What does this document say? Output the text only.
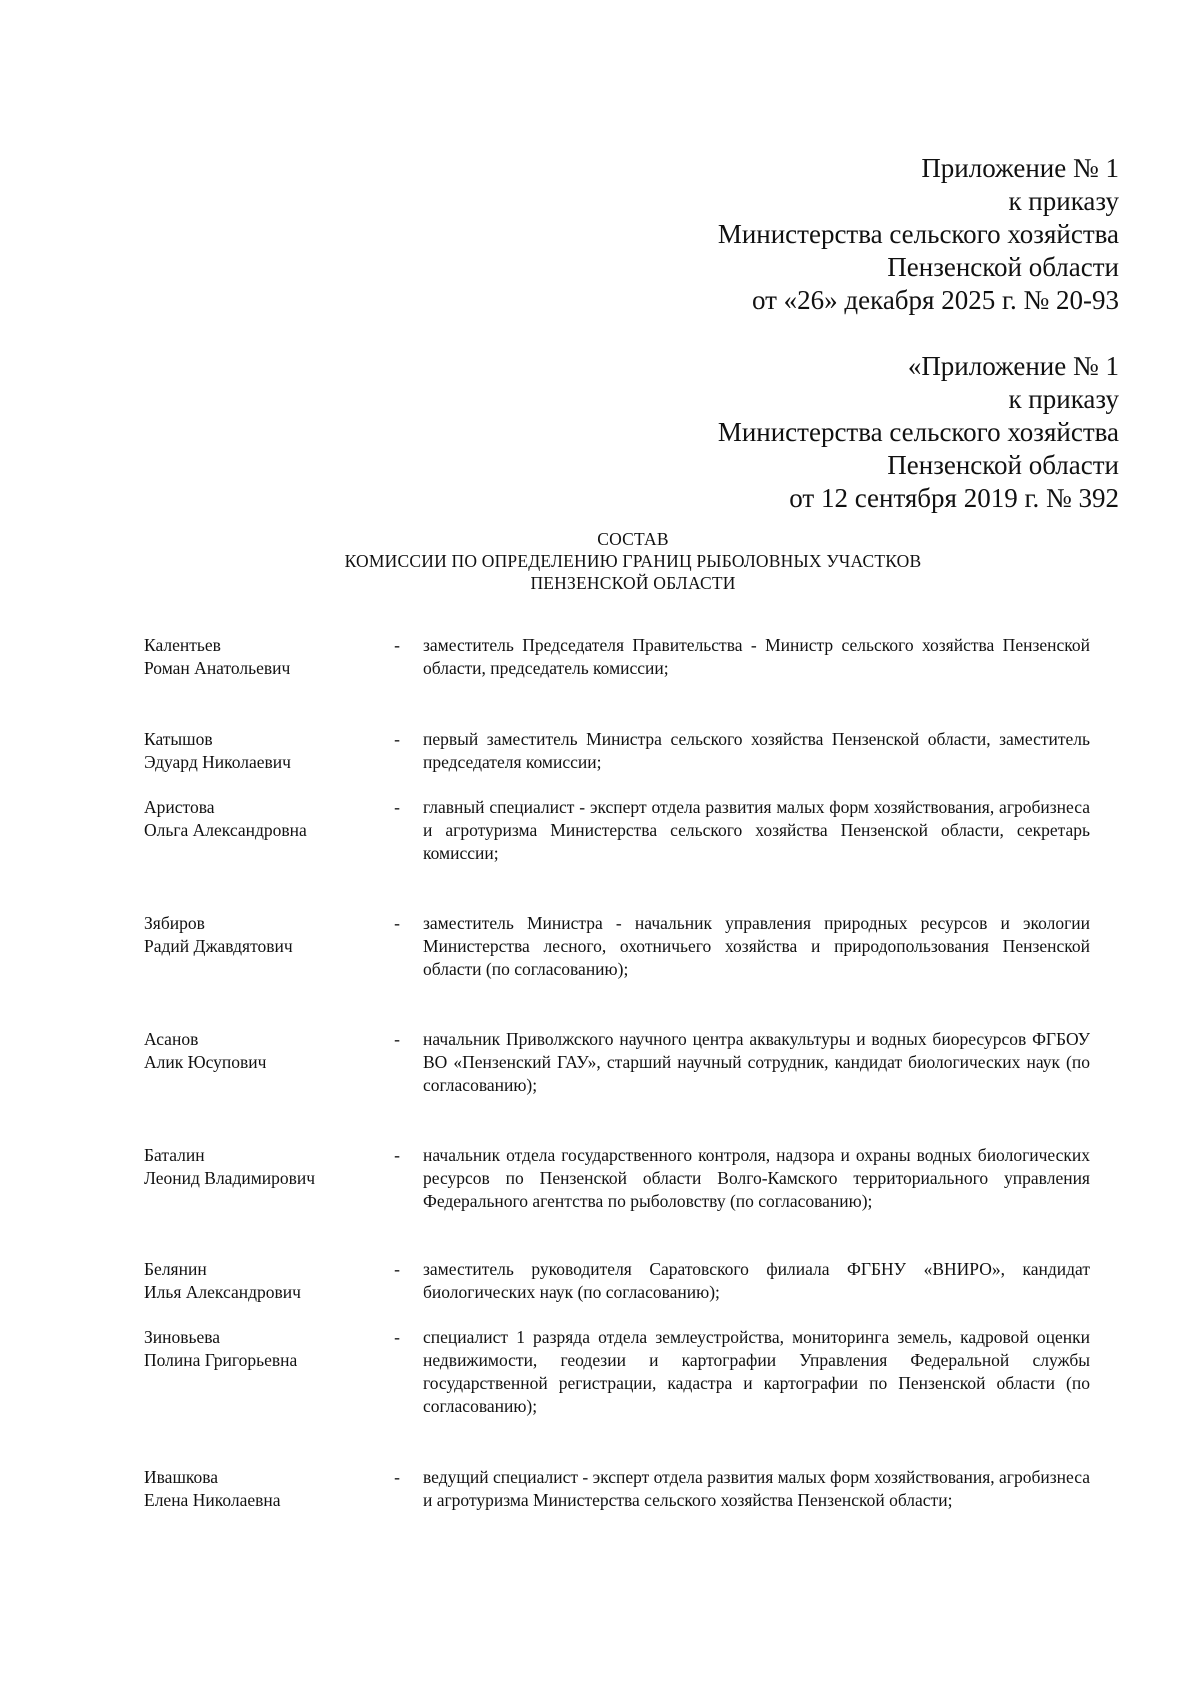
Приложение № 1
к приказу
Министерства сельского хозяйства
Пензенской области
от «26» декабря 2025 г. № 20-93
«Приложение № 1
к приказу
Министерства сельского хозяйства
Пензенской области
от 12 сентября 2019 г. № 392
СОСТАВ
КОМИССИИ ПО ОПРЕДЕЛЕНИЮ ГРАНИЦ РЫБОЛОВНЫХ УЧАСТКОВ
ПЕНЗЕНСКОЙ ОБЛАСТИ
Калентьев
Роман Анатольевич
- заместитель Председателя Правительства - Министр сельского хозяйства Пензенской области, председатель комиссии;
Катышов
Эдуард Николаевич
- первый заместитель Министра сельского хозяйства Пензенской области, заместитель председателя комиссии;
Аристова
Ольга Александровна
- главный специалист - эксперт отдела развития малых форм хозяйствования, агробизнеса и агротуризма Министерства сельского хозяйства Пензенской области, секретарь комиссии;
Зябиров
Радий Джавдятович
- заместитель Министра - начальник управления природных ресурсов и экологии Министерства лесного, охотничьего хозяйства и природопользования Пензенской области (по согласованию);
Асанов
Алик Юсупович
- начальник Приволжского научного центра аквакультуры и водных биоресурсов ФГБОУ ВО «Пензенский ГАУ», старший научный сотрудник, кандидат биологических наук (по согласованию);
Баталин
Леонид Владимирович
- начальник отдела государственного контроля, надзора и охраны водных биологических ресурсов по Пензенской области Волго-Камского территориального управления Федерального агентства по рыболовству (по согласованию);
Белянин
Илья Александрович
- заместитель руководителя Саратовского филиала ФГБНУ «ВНИРО», кандидат биологических наук (по согласованию);
Зиновьева
Полина Григорьевна
- специалист 1 разряда отдела землеустройства, мониторинга земель, кадровой оценки недвижимости, геодезии и картографии Управления Федеральной службы государственной регистрации, кадастра и картографии по Пензенской области (по согласованию);
Ивашкова
Елена Николаевна
- ведущий специалист - эксперт отдела развития малых форм хозяйствования, агробизнеса и агротуризма Министерства сельского хозяйства Пензенской области;
